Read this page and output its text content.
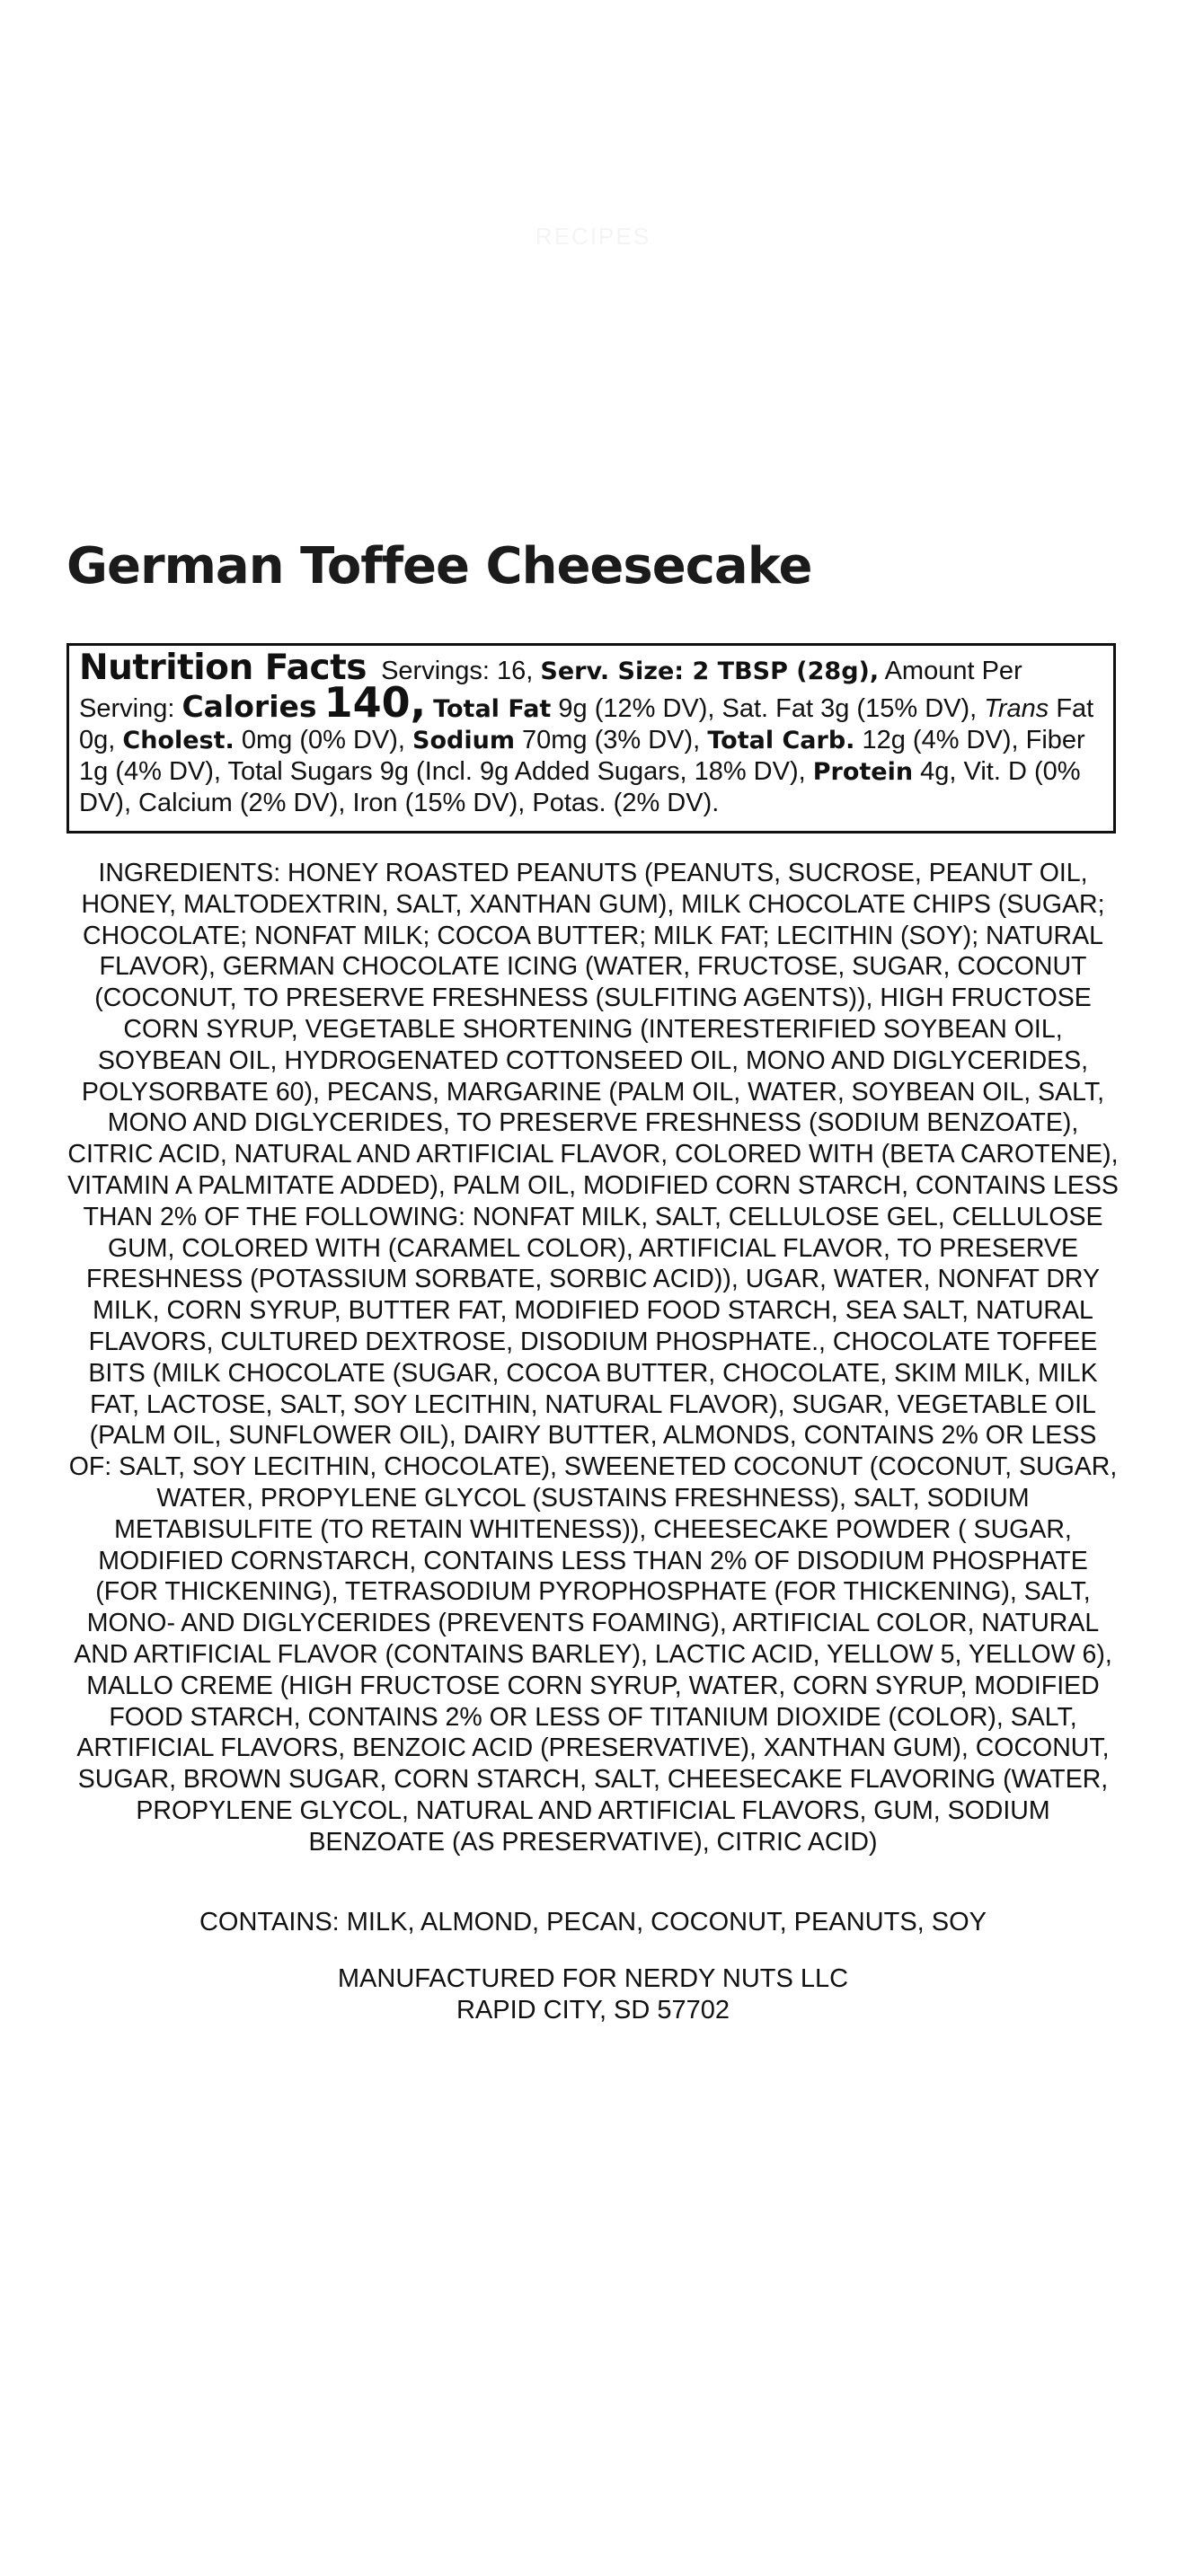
RECIPES
German Toffee Cheesecake
Nutrition Facts Servings: 16, Serv. Size: 2 TBSP (28g), Amount Per Serving: Calories 140, Total Fat 9g (12% DV), Sat. Fat 3g (15% DV), Trans Fat 0g, Cholest. 0mg (0% DV), Sodium 70mg (3% DV), Total Carb. 12g (4% DV), Fiber 1g (4% DV), Total Sugars 9g (Incl. 9g Added Sugars, 18% DV), Protein 4g, Vit. D (0% DV), Calcium (2% DV), Iron (15% DV), Potas. (2% DV).

INGREDIENTS: HONEY ROASTED PEANUTS (PEANUTS, SUCROSE, PEANUT OIL, HONEY, MALTODEXTRIN, SALT, XANTHAN GUM), MILK CHOCOLATE CHIPS (SUGAR; CHOCOLATE; NONFAT MILK; COCOA BUTTER; MILK FAT; LECITHIN (SOY); NATURAL FLAVOR), GERMAN CHOCOLATE ICING (WATER, FRUCTOSE, SUGAR, COCONUT (COCONUT, TO PRESERVE FRESHNESS (SULFITING AGENTS)), HIGH FRUCTOSE CORN SYRUP, VEGETABLE SHORTENING (INTERESTERIFIED SOYBEAN OIL, SOYBEAN OIL, HYDROGENATED COTTONSEED OIL, MONO AND DIGLYCERIDES, POLYSORBATE 60), PECANS, MARGARINE (PALM OIL, WATER, SOYBEAN OIL, SALT, MONO AND DIGLYCERIDES, TO PRESERVE FRESHNESS (SODIUM BENZOATE), CITRIC ACID, NATURAL AND ARTIFICIAL FLAVOR, COLORED WITH (BETA CAROTENE), VITAMIN A PALMITATE ADDED), PALM OIL, MODIFIED CORN STARCH, CONTAINS LESS THAN 2% OF THE FOLLOWING: NONFAT MILK, SALT, CELLULOSE GEL, CELLULOSE GUM, COLORED WITH (CARAMEL COLOR), ARTIFICIAL FLAVOR, TO PRESERVE FRESHNESS (POTASSIUM SORBATE, SORBIC ACID)), UGAR, WATER, NONFAT DRY MILK, CORN SYRUP, BUTTER FAT, MODIFIED FOOD STARCH, SEA SALT, NATURAL FLAVORS, CULTURED DEXTROSE, DISODIUM PHOSPHATE., CHOCOLATE TOFFEE BITS (MILK CHOCOLATE (SUGAR, COCOA BUTTER, CHOCOLATE, SKIM MILK, MILK FAT, LACTOSE, SALT, SOY LECITHIN, NATURAL FLAVOR), SUGAR, VEGETABLE OIL (PALM OIL, SUNFLOWER OIL), DAIRY BUTTER, ALMONDS, CONTAINS 2% OR LESS OF: SALT, SOY LECITHIN, CHOCOLATE), SWEENETED COCONUT (COCONUT, SUGAR, WATER, PROPYLENE GLYCOL (SUSTAINS FRESHNESS), SALT, SODIUM METABISULFITE (TO RETAIN WHITENESS)), CHEESECAKE POWDER ( SUGAR, MODIFIED CORNSTARCH, CONTAINS LESS THAN 2% OF DISODIUM PHOSPHATE (FOR THICKENING), TETRASODIUM PYROPHOSPHATE (FOR THICKENING), SALT, MONO- AND DIGLYCERIDES (PREVENTS FOAMING), ARTIFICIAL COLOR, NATURAL AND ARTIFICIAL FLAVOR (CONTAINS BARLEY), LACTIC ACID, YELLOW 5, YELLOW 6), MALLO CREME (HIGH FRUCTOSE CORN SYRUP, WATER, CORN SYRUP, MODIFIED FOOD STARCH, CONTAINS 2% OR LESS OF TITANIUM DIOXIDE (COLOR), SALT, ARTIFICIAL FLAVORS, BENZOIC ACID (PRESERVATIVE), XANTHAN GUM), COCONUT, SUGAR, BROWN SUGAR, CORN STARCH, SALT, CHEESECAKE FLAVORING (WATER, PROPYLENE GLYCOL, NATURAL AND ARTIFICIAL FLAVORS, GUM, SODIUM BENZOATE (AS PRESERVATIVE), CITRIC ACID)

CONTAINS: MILK, ALMOND, PECAN, COCONUT, PEANUTS, SOY

MANUFACTURED FOR NERDY NUTS LLC
RAPID CITY, SD 57702
